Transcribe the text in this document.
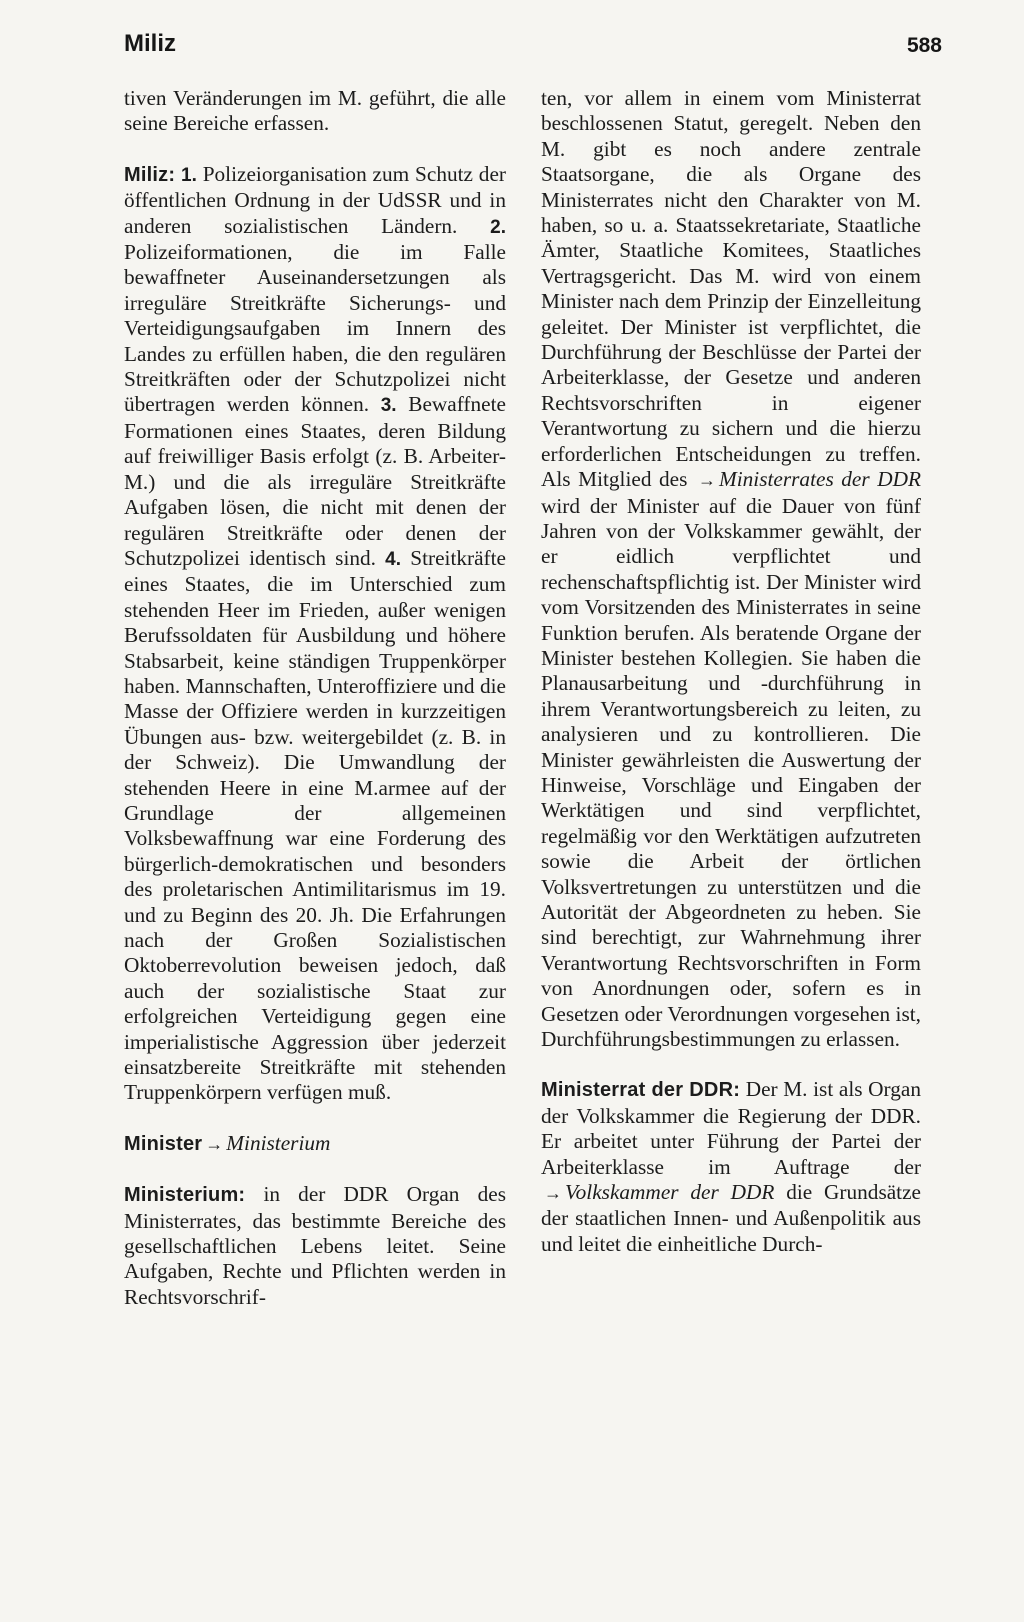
Miliz	588

tiven Veränderungen im M. geführt, die alle seine Bereiche erfassen.

Miliz: 1. Polizeiorganisation zum Schutz der öffentlichen Ordnung in der UdSSR und in anderen sozialistischen Ländern. 2. Polizeiformationen, die im Falle bewaffneter Auseinandersetzungen als irreguläre Streitkräfte Sicherungs- und Verteidigungsaufgaben im Innern des Landes zu erfüllen haben, die den regulären Streitkräften oder der Schutzpolizei nicht übertragen werden können. 3. Bewaffnete Formationen eines Staates, deren Bildung auf freiwilliger Basis erfolgt (z. B. Arbeiter-M.) und die als irreguläre Streitkräfte Aufgaben lösen, die nicht mit denen der regulären Streitkräfte oder denen der Schutzpolizei identisch sind. 4. Streitkräfte eines Staates, die im Unterschied zum stehenden Heer im Frieden, außer wenigen Berufssoldaten für Ausbildung und höhere Stabsarbeit, keine ständigen Truppenkörper haben. Mannschaften, Unteroffiziere und die Masse der Offiziere werden in kurzzeitigen Übungen aus- bzw. weitergebildet (z. B. in der Schweiz). Die Umwandlung der stehenden Heere in eine M.armee auf der Grundlage der allgemeinen Volksbewaffnung war eine Forderung des bürgerlich-demokratischen und besonders des proletarischen Antimilitarismus im 19. und zu Beginn des 20. Jh. Die Erfahrungen nach der Großen Sozialistischen Oktoberrevolution beweisen jedoch, daß auch der sozialistische Staat zur erfolgreichen Verteidigung gegen eine imperialistische Aggression über jederzeit einsatzbereite Streitkräfte mit stehenden Truppenkörpern verfügen muß.

Minister → Ministerium

Ministerium: in der DDR Organ des Ministerrates, das bestimmte Bereiche des gesellschaftlichen Lebens leitet. Seine Aufgaben, Rechte und Pflichten werden in Rechtsvorschrif-

ten, vor allem in einem vom Ministerrat beschlossenen Statut, geregelt. Neben den M. gibt es noch andere zentrale Staatsorgane, die als Organe des Ministerrates nicht den Charakter von M. haben, so u. a. Staatssekretariate, Staatliche Ämter, Staatliche Komitees, Staatliches Vertragsgericht. Das M. wird von einem Minister nach dem Prinzip der Einzelleitung geleitet. Der Minister ist verpflichtet, die Durchführung der Beschlüsse der Partei der Arbeiterklasse, der Gesetze und anderen Rechtsvorschriften in eigener Verantwortung zu sichern und die hierzu erforderlichen Entscheidungen zu treffen. Als Mitglied des → Ministerrates der DDR wird der Minister auf die Dauer von fünf Jahren von der Volkskammer gewählt, der er eidlich verpflichtet und rechenschaftspflichtig ist. Der Minister wird vom Vorsitzenden des Ministerrates in seine Funktion berufen. Als beratende Organe der Minister bestehen Kollegien. Sie haben die Planausarbeitung und -durchführung in ihrem Verantwortungsbereich zu leiten, zu analysieren und zu kontrollieren. Die Minister gewährleisten die Auswertung der Hinweise, Vorschläge und Eingaben der Werktätigen und sind verpflichtet, regelmäßig vor den Werktätigen aufzutreten sowie die Arbeit der örtlichen Volksvertretungen zu unterstützen und die Autorität der Abgeordneten zu heben. Sie sind berechtigt, zur Wahrnehmung ihrer Verantwortung Rechtsvorschriften in Form von Anordnungen oder, sofern es in Gesetzen oder Verordnungen vorgesehen ist, Durchführungsbestimmungen zu erlassen.

Ministerrat der DDR: Der M. ist als Organ der Volkskammer die Regierung der DDR. Er arbeitet unter Führung der Partei der Arbeiterklasse im Auftrage der → Volkskammer der DDR die Grundsätze der staatlichen Innen- und Außenpolitik aus und leitet die einheitliche Durch-
